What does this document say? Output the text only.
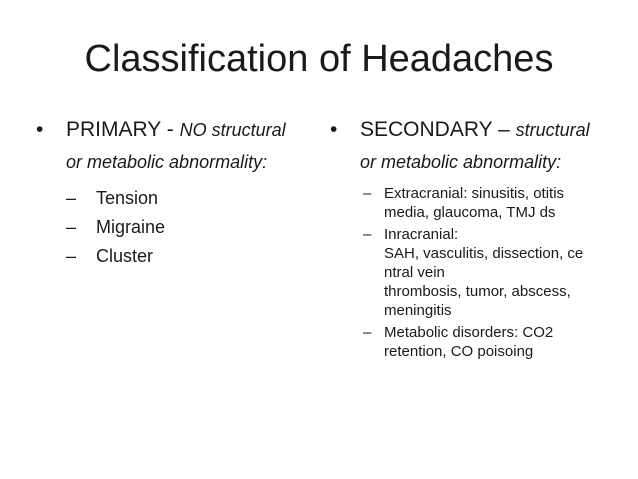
Classification of Headaches
• PRIMARY - NO structural
or metabolic abnormality:
– Tension
– Migraine
– Cluster
• SECONDARY – structural
or metabolic abnormality:
– Extracranial: sinusitis, otitis
media, glaucoma, TMJ ds
– Inracranial:
SAH, vasculitis, dissection, ce
ntral vein
thrombosis, tumor, abscess,
meningitis
– Metabolic disorders: CO2
retention, CO poisoing
